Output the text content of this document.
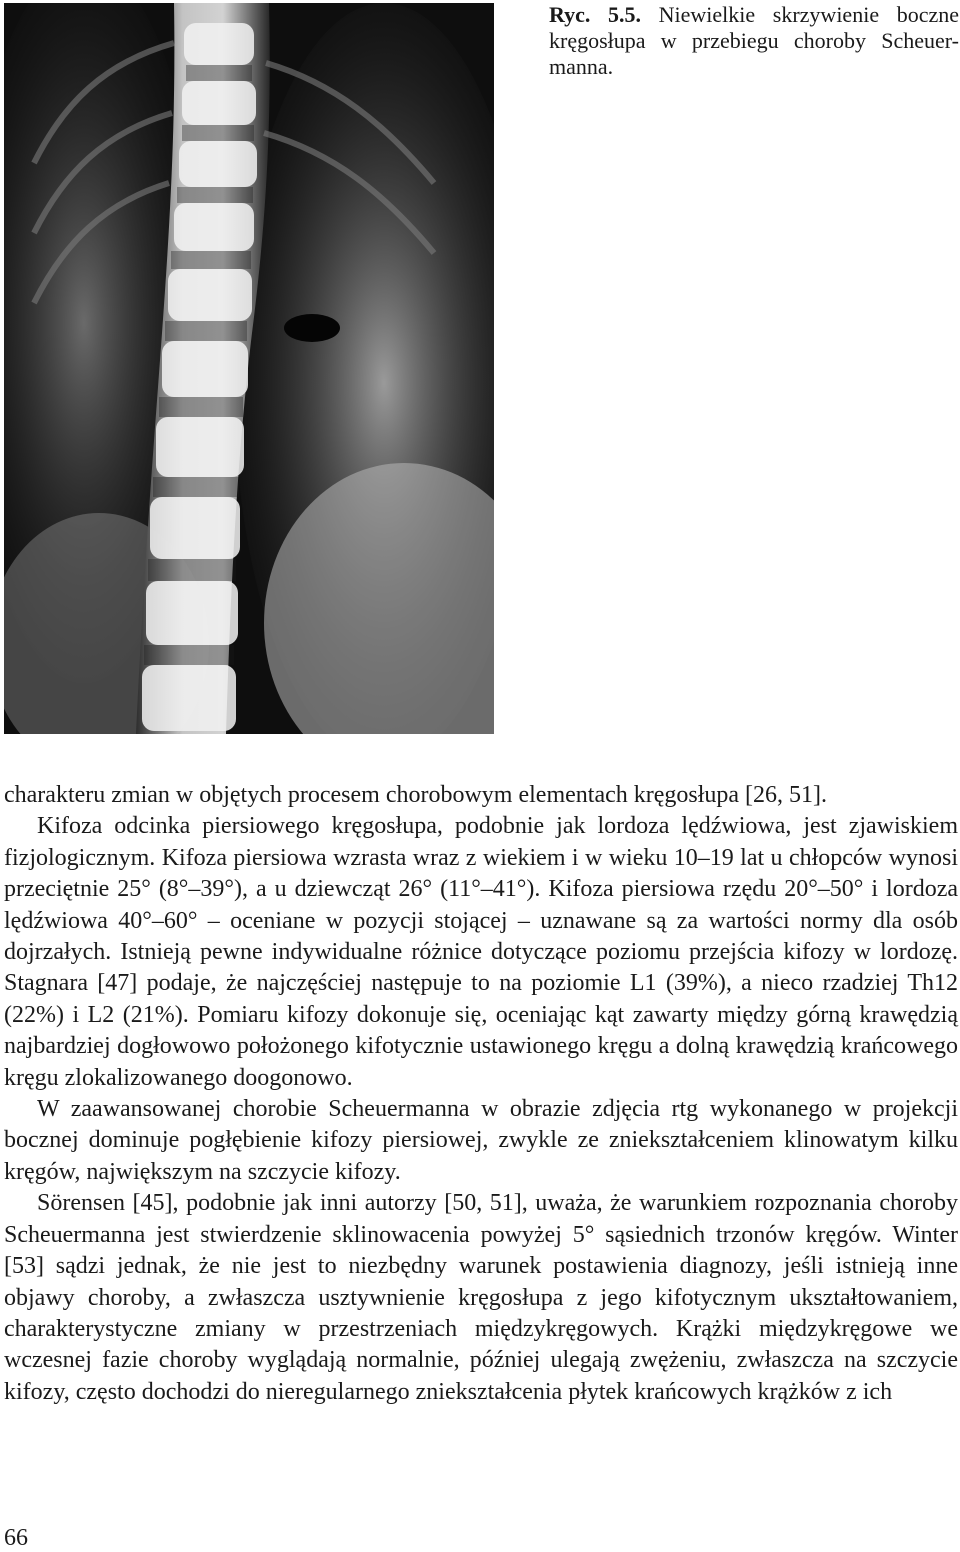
Ryc. 5.5. Niewielkie skrzywienie boczne kręgosłupa w przebiegu choroby Scheuer-manna.

charakteru zmian w objętych procesem chorobowym elementach kręgosłupa [26, 51].

Kifoza odcinka piersiowego kręgosłupa, podobnie jak lordoza lędźwiowa, jest zjawiskiem fizjologicznym. Kifoza piersiowa wzrasta wraz z wiekiem i w wieku 10–19 lat u chłopców wynosi przeciętnie 25° (8°–39°), a u dziewcząt 26° (11°–41°). Kifoza piersiowa rzędu 20°–50° i lordoza lędźwiowa 40°–60° – oceniane w pozycji stojącej – uznawane są za wartości normy dla osób dojrzałych. Istnieją pewne indywidualne różnice dotyczące poziomu przejścia kifozy w lordozę. Stagnara [47] podaje, że najczęściej następuje to na poziomie L1 (39%), a nieco rzadziej Th12 (22%) i L2 (21%). Pomiaru kifozy dokonuje się, oceniając kąt zawarty między górną krawędzią najbardziej dogłowowo położonego kifotycznie ustawionego kręgu a dolną krawędzią krańcowego kręgu zlokalizowanego doogonowo.

W zaawansowanej chorobie Scheuermanna w obrazie zdjęcia rtg wykonanego w projekcji bocznej dominuje pogłębienie kifozy piersiowej, zwykle ze zniekształceniem klinowatym kilku kręgów, największym na szczycie kifozy.

Sörensen [45], podobnie jak inni autorzy [50, 51], uważa, że warunkiem rozpoznania choroby Scheuermanna jest stwierdzenie sklinowacenia powyżej 5° sąsiednich trzonów kręgów. Winter [53] sądzi jednak, że nie jest to niezbędny warunek postawienia diagnozy, jeśli istnieją inne objawy choroby, a zwłaszcza usztywnienie kręgosłupa z jego kifotycznym ukształtowaniem, charakterystyczne zmiany w przestrzeniach międzykręgowych. Krążki międzykręgowe we wczesnej fazie choroby wyglądają normalnie, później ulegają zwężeniu, zwłaszcza na szczycie kifozy, często dochodzi do nieregularnego zniekształcenia płytek krańcowych krążków z ich

66
